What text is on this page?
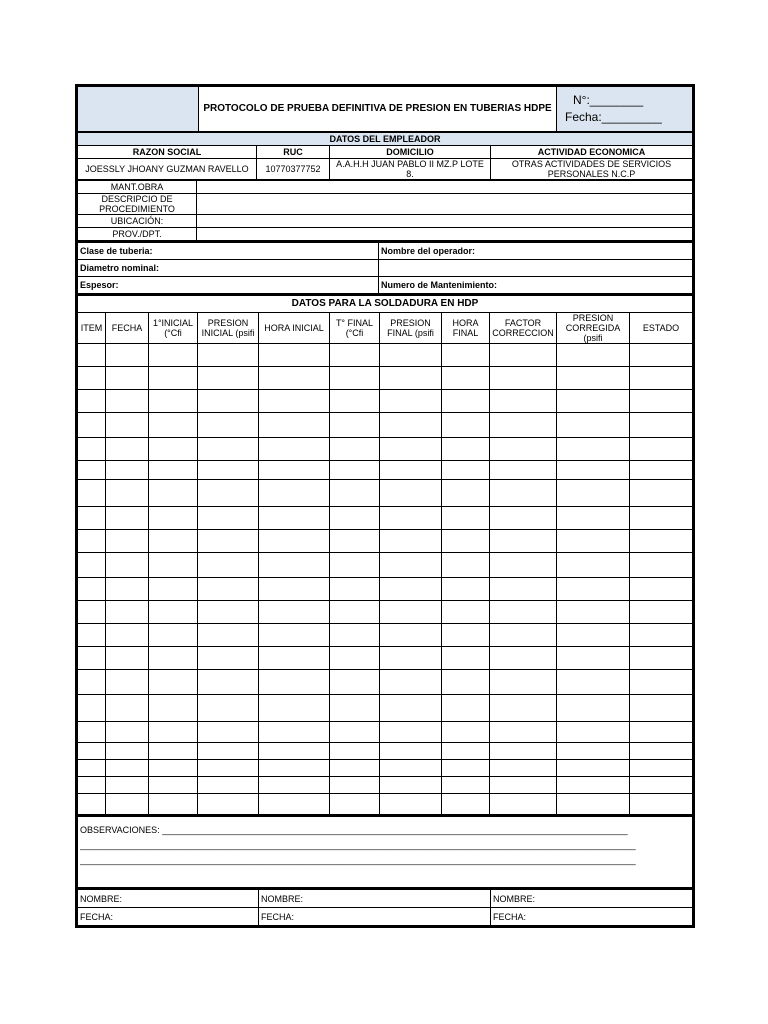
	PROTOCOLO DE PRUEBA DEFINITIVA DE PRESION EN TUBERIAS HDPE	
N°:________
Fecha:_________
DATOS DEL EMPLEADOR			
RAZON SOCIAL	RUC	DOMICILIO	ACTIVIDAD ECONOMICA
JOESSLY JHOANY GUZMAN RAVELLO	10770377752	A.A.H.H JUAN PABLO II MZ.P LOTE 8.	OTRAS ACTIVIDADES DE SERVICIOS PERSONALES N.C.P
MANT.OBRA	
DESCRIPCIO DE PROCEDIMIENTO	
UBICACIÓN:	
PROV./DPT.	
Clase de tuberia:	Nombre del operador:
Diametro nominal:	
Espesor:	Numero de Mantenimiento:
DATOS PARA LA SOLDADURA EN HDP										
ITEM	FECHA	1°INICIAL (°Cfi	PRESION INICIAL (psifi	HORA INICIAL	T° FINAL (°Cfi	PRESION FINAL (psifi	HORA FINAL	FACTOR CORRECCION	PRESION CORREGIDA (psifi	ESTADO

OBSERVACIONES: _____________________________________________________________________________________________
_______________________________________________________________________________________________________________
_______________________________________________________________________________________________________________
NOMBRE:	NOMBRE:	NOMBRE:
FECHA:	FECHA:	FECHA:
